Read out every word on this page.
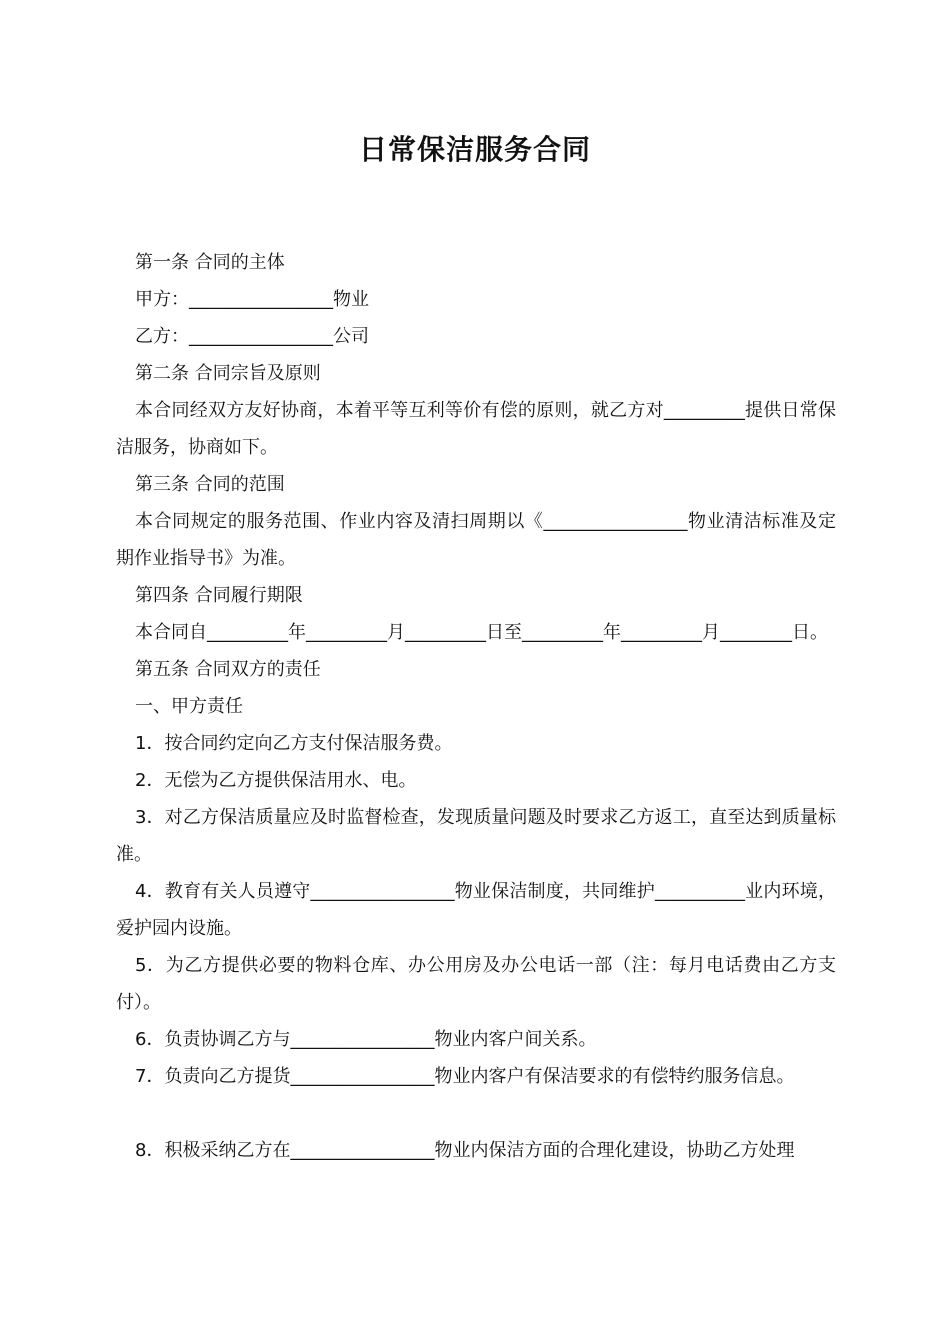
日常保洁服务合同

第一条 合同的主体

甲方：________________物业

乙方：________________公司

第二条 合同宗旨及原则

本合同经双方友好协商，本着平等互利等价有偿的原则，就乙方对_________提供日常保洁服务，协商如下。

第三条 合同的范围

本合同规定的服务范围、作业内容及清扫周期以《________________物业清洁标准及定期作业指导书》为准。

第四条 合同履行期限

本合同自_________年_________月_________日至_________年_________月________日。

第五条 合同双方的责任

一、甲方责任

1．按合同约定向乙方支付保洁服务费。

2．无偿为乙方提供保洁用水、电。

3．对乙方保洁质量应及时监督检查，发现质量问题及时要求乙方返工，直至达到质量标准。

4．教育有关人员遵守________________物业保洁制度，共同维护__________业内环境，爱护园内设施。

5．为乙方提供必要的物料仓库、办公用房及办公电话一部（注：每月电话费由乙方支付）。

6．负责协调乙方与________________物业内客户间关系。

7．负责向乙方提货________________物业内客户有保洁要求的有偿特约服务信息。

8．积极采纳乙方在________________物业内保洁方面的合理化建设，协助乙方处理
